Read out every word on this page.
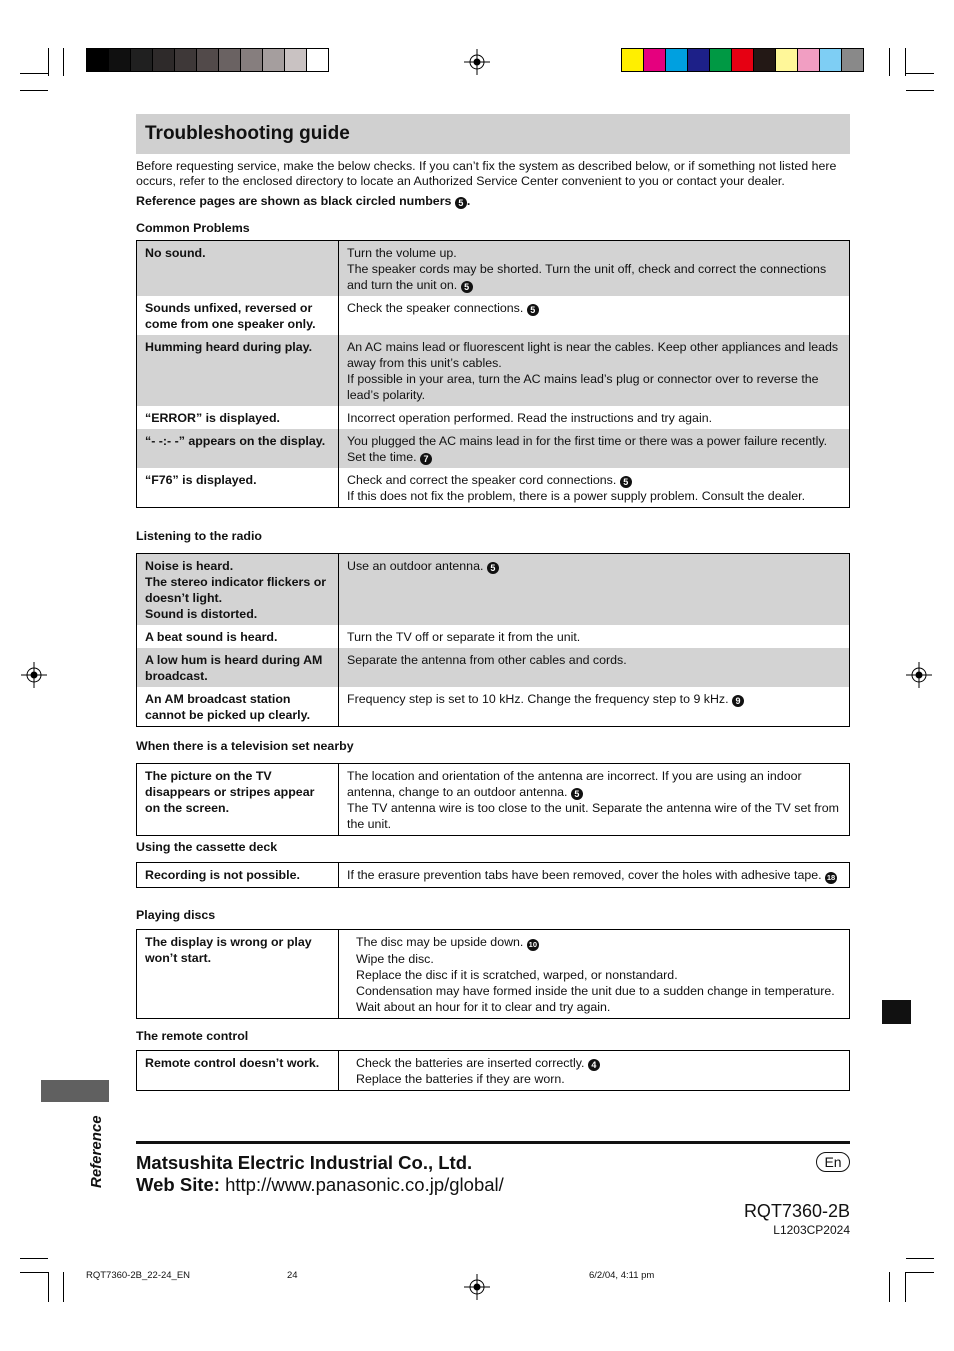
Troubleshooting guide
Before requesting service, make the below checks. If you can’t fix the system as described below, or if something not listed here occurs, refer to the enclosed directory to locate an Authorized Service Center convenient to you or contact your dealer.
Reference pages are shown as black circled numbers 5 .
Common Problems
No sound.	Turn the volume up.
The speaker cords may be shorted. Turn the unit off, check and correct the connections and turn the unit on. 5
Sounds unfixed, reversed or come from one speaker only.	Check the speaker connections. 5
Humming heard during play.	An AC mains lead or fluorescent light is near the cables. Keep other appliances and leads away from this unit’s cables.
If possible in your area, turn the AC mains lead’s plug or connector over to reverse the lead’s polarity.
“ERROR” is displayed.	Incorrect operation performed. Read the instructions and try again.
“- -:- -” appears on the display.	You plugged the AC mains lead in for the first time or there was a power failure recently.
Set the time. 7
“F76” is displayed.	Check and correct the speaker cord connections. 5
If this does not fix the problem, there is a power supply problem. Consult the dealer.
Listening to the radio
Noise is heard.
The stereo indicator flickers or doesn’t light.
Sound is distorted.	Use an outdoor antenna. 5
A beat sound is heard.	Turn the TV off or separate it from the unit.
A low hum is heard during AM broadcast.	Separate the antenna from other cables and cords.
An AM broadcast station cannot be picked up clearly.	Frequency step is set to 10 kHz. Change the frequency step to 9 kHz. 9
When there is a television set nearby
The picture on the TV disappears or stripes appear on the screen.	The location and orientation of the antenna are incorrect. If you are using an indoor antenna, change to an outdoor antenna. 5
The TV antenna wire is too close to the unit. Separate the antenna wire of the TV set from the unit.
Using the cassette deck
Recording is not possible.	If the erasure prevention tabs have been removed, cover the holes with adhesive tape. 18
Playing discs
The display is wrong or play won’t start.	The disc may be upside down. 10
Wipe the disc.
Replace the disc if it is scratched, warped, or nonstandard.
Condensation may have formed inside the unit due to a sudden change in temperature. Wait about an hour for it to clear and try again.
The remote control
Remote control doesn’t work.	Check the batteries are inserted correctly. 4
Replace the batteries if they are worn.
Reference Matsushita Electric Industrial Co., Ltd.
Web Site: http://www.panasonic.co.jp/global/
En
RQT7360-2B
L1203CP2024
RQT7360-2B_22-24_EN	24	6/2/04, 4:11 pm
